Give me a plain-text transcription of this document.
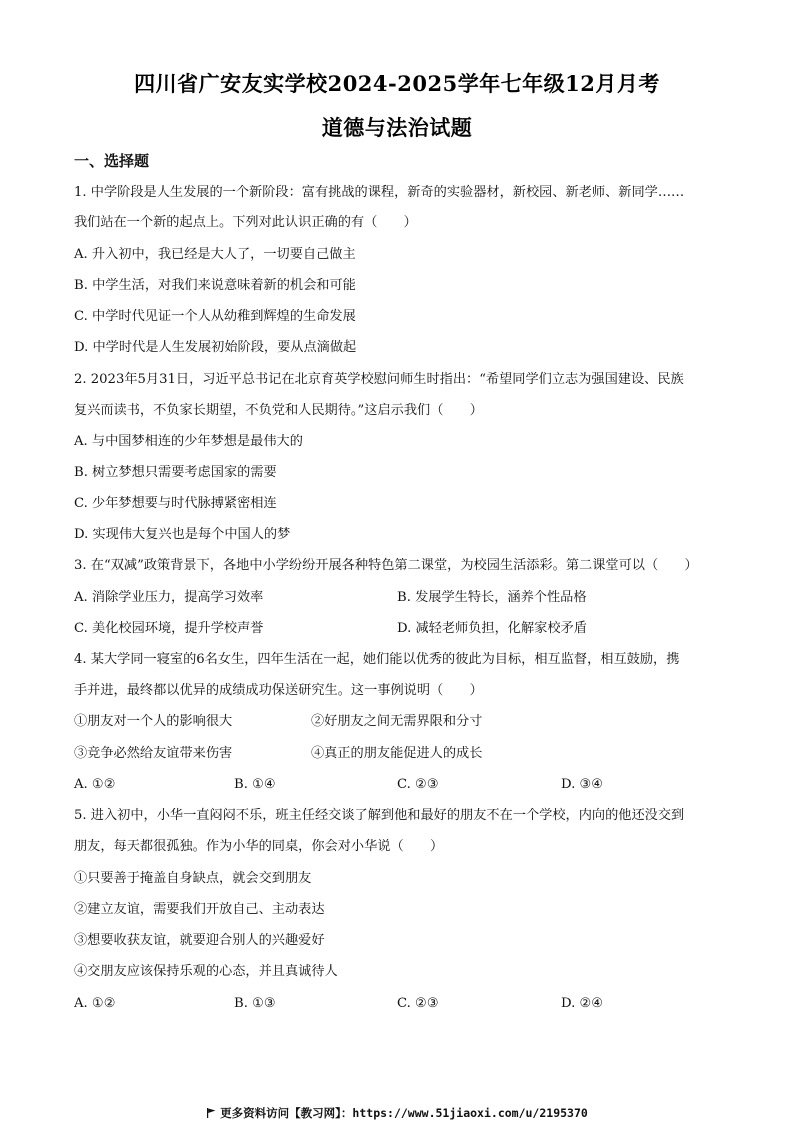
四川省广安友实学校2024-2025学年七年级12月月考
道德与法治试题
一、选择题
1. 中学阶段是人生发展的一个新阶段：富有挑战的课程，新奇的实验器材，新校园、新老师、新同学……
我们站在一个新的起点上。下列对此认识正确的有（　　）
A. 升入初中，我已经是大人了，一切要自己做主
B. 中学生活，对我们来说意味着新的机会和可能
C. 中学时代见证一个人从幼稚到辉煌的生命发展
D. 中学时代是人生发展初始阶段，要从点滴做起
2. 2023年5月31日，习近平总书记在北京育英学校慰问师生时指出：“希望同学们立志为强国建设、民族
复兴而读书，不负家长期望，不负党和人民期待。”这启示我们（　　）
A. 与中国梦相连的少年梦想是最伟大的
B. 树立梦想只需要考虑国家的需要
C. 少年梦想要与时代脉搏紧密相连
D. 实现伟大复兴也是每个中国人的梦
3. 在“双减”政策背景下，各地中小学纷纷开展各种特色第二课堂，为校园生活添彩。第二课堂可以（　　）
A. 消除学业压力，提高学习效率	B. 发展学生特长，涵养个性品格
C. 美化校园环境，提升学校声誉	D. 减轻老师负担，化解家校矛盾
4. 某大学同一寝室的6名女生，四年生活在一起，她们能以优秀的彼此为目标，相互监督，相互鼓励，携
手并进，最终都以优异的成绩成功保送研究生。这一事例说明（　　）
①朋友对一个人的影响很大	②好朋友之间无需界限和分寸
③竞争必然给友谊带来伤害	④真正的朋友能促进人的成长
A. ①②	B. ①④	C. ②③	D. ③④
5. 进入初中，小华一直闷闷不乐，班主任经交谈了解到他和最好的朋友不在一个学校，内向的他还没交到
朋友，每天都很孤独。作为小华的同桌，你会对小华说（　　）
①只要善于掩盖自身缺点，就会交到朋友
②建立友谊，需要我们开放自己、主动表达
③想要收获友谊，就要迎合别人的兴趣爱好
④交朋友应该保持乐观的心态，并且真诚待人
A. ①②	B. ①③	C. ②③	D. ②④
更多资料访问【教习网】：https://www.51jiaoxi.com/u/2195370
